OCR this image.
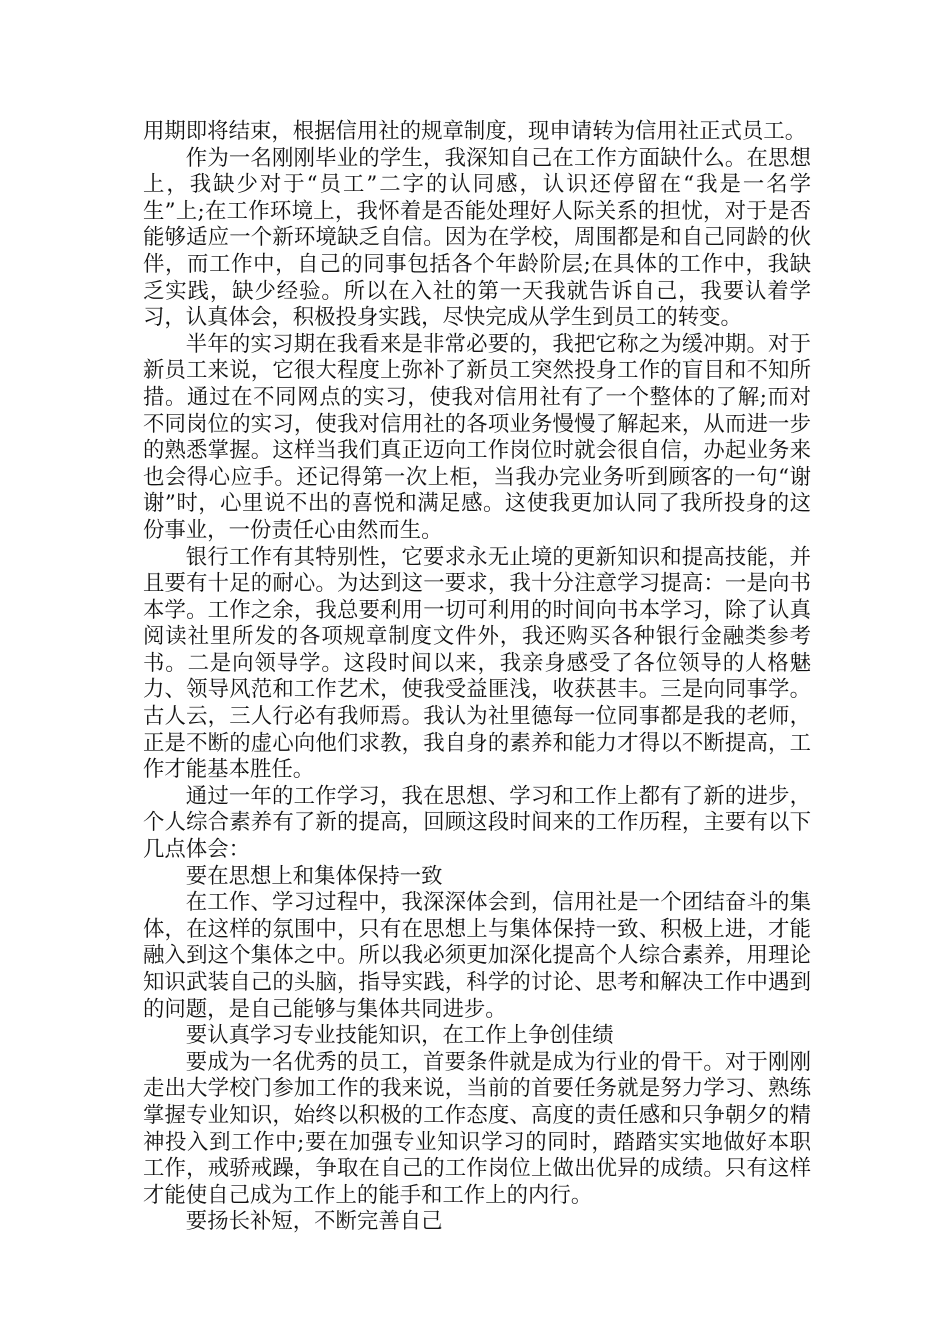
用期即将结束，根据信用社的规章制度，现申请转为信用社正式员工。

作为一名刚刚毕业的学生，我深知自己在工作方面缺什么。在思想上，我缺少对于“员工”二字的认同感，认识还停留在“我是一名学生”上;在工作环境上，我怀着是否能处理好人际关系的担忧，对于是否能够适应一个新环境缺乏自信。因为在学校，周围都是和自己同龄的伙伴，而工作中，自己的同事包括各个年龄阶层;在具体的工作中，我缺乏实践，缺少经验。所以在入社的第一天我就告诉自己，我要认着学习，认真体会，积极投身实践，尽快完成从学生到员工的转变。

半年的实习期在我看来是非常必要的，我把它称之为缓冲期。对于新员工来说，它很大程度上弥补了新员工突然投身工作的盲目和不知所措。通过在不同网点的实习，使我对信用社有了一个整体的了解;而对不同岗位的实习，使我对信用社的各项业务慢慢了解起来，从而进一步的熟悉掌握。这样当我们真正迈向工作岗位时就会很自信，办起业务来也会得心应手。还记得第一次上柜，当我办完业务听到顾客的一句“谢谢”时，心里说不出的喜悦和满足感。这使我更加认同了我所投身的这份事业，一份责任心由然而生。

银行工作有其特别性，它要求永无止境的更新知识和提高技能，并且要有十足的耐心。为达到这一要求，我十分注意学习提高：一是向书本学。工作之余，我总要利用一切可利用的时间向书本学习，除了认真阅读社里所发的各项规章制度文件外，我还购买各种银行金融类参考书。二是向领导学。这段时间以来，我亲身感受了各位领导的人格魅力、领导风范和工作艺术，使我受益匪浅，收获甚丰。三是向同事学。古人云，三人行必有我师焉。我认为社里德每一位同事都是我的老师，正是不断的虚心向他们求教，我自身的素养和能力才得以不断提高，工作才能基本胜任。

通过一年的工作学习，我在思想、学习和工作上都有了新的进步，个人综合素养有了新的提高，回顾这段时间来的工作历程，主要有以下几点体会：

要在思想上和集体保持一致

在工作、学习过程中，我深深体会到，信用社是一个团结奋斗的集体，在这样的氛围中，只有在思想上与集体保持一致、积极上进，才能融入到这个集体之中。所以我必须更加深化提高个人综合素养，用理论知识武装自己的头脑，指导实践，科学的讨论、思考和解决工作中遇到的问题，是自己能够与集体共同进步。

要认真学习专业技能知识，在工作上争创佳绩

要成为一名优秀的员工，首要条件就是成为行业的骨干。对于刚刚走出大学校门参加工作的我来说，当前的首要任务就是努力学习、熟练掌握专业知识，始终以积极的工作态度、高度的责任感和只争朝夕的精神投入到工作中;要在加强专业知识学习的同时，踏踏实实地做好本职工作，戒骄戒躁，争取在自己的工作岗位上做出优异的成绩。只有这样才能使自己成为工作上的能手和工作上的内行。

要扬长补短，不断完善自己
